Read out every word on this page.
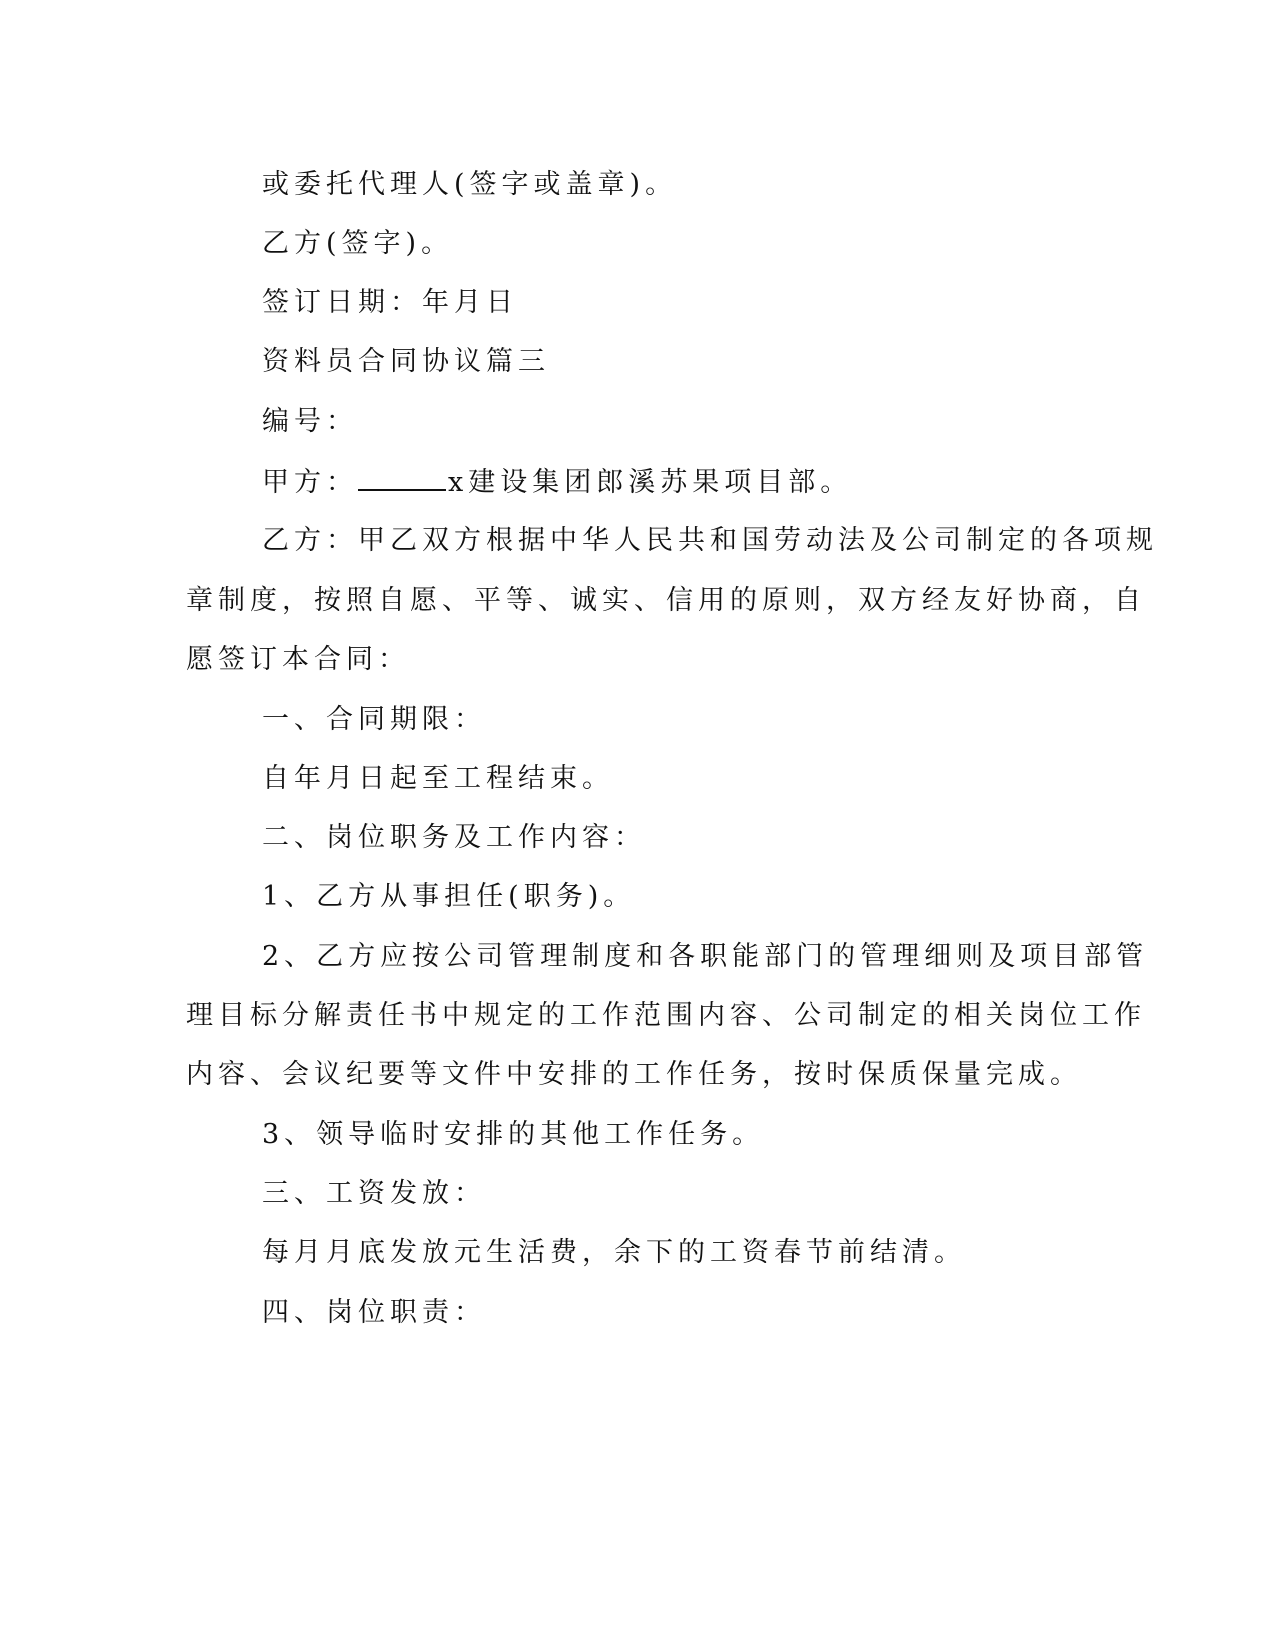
或委托代理人(签字或盖章)。

乙方(签字)。

签订日期：年月日

资料员合同协议篇三

编号：

甲方：	x建设集团郎溪苏果项目部。

乙方：甲乙双方根据中华人民共和国劳动法及公司制定的各项规

章制度，按照自愿、平等、诚实、信用的原则，双方经友好协商，自

愿签订本合同：

一、合同期限：

自年月日起至工程结束。

二、岗位职务及工作内容：

1、乙方从事担任(职务)。

2、乙方应按公司管理制度和各职能部门的管理细则及项目部管

理目标分解责任书中规定的工作范围内容、公司制定的相关岗位工作

内容、会议纪要等文件中安排的工作任务，按时保质保量完成。

3、领导临时安排的其他工作任务。

三、工资发放：

每月月底发放元生活费，余下的工资春节前结清。

四、岗位职责：
